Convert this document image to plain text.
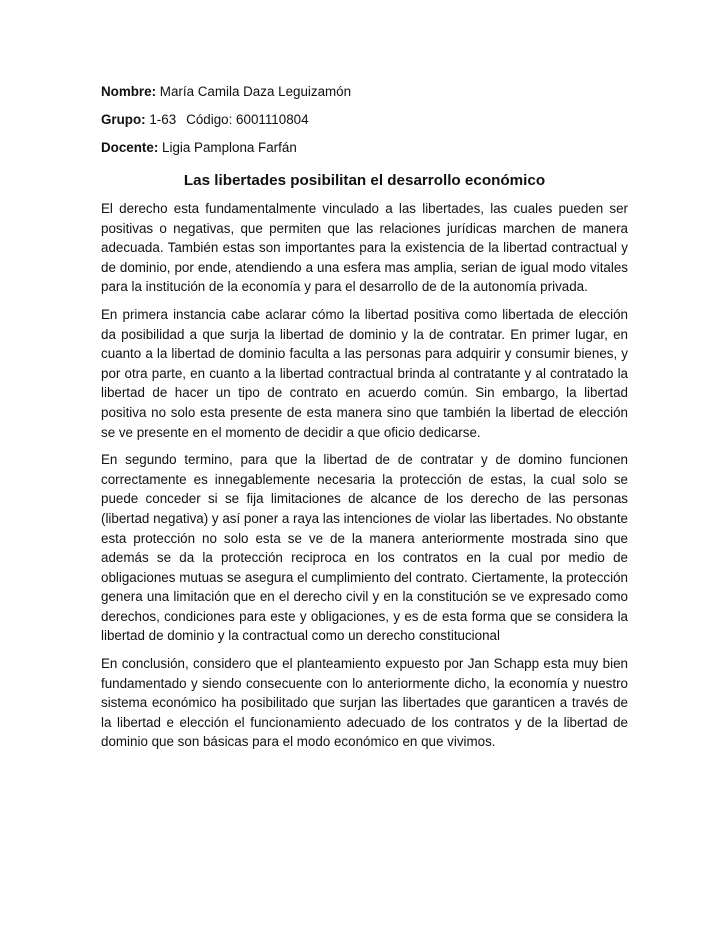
Nombre: María Camila Daza Leguizamón

Grupo: 1-63 Código: 6001110804

Docente: Ligia Pamplona Farfán

Las libertades posibilitan el desarrollo económico

El derecho esta fundamentalmente vinculado a las libertades, las cuales pueden ser positivas o negativas, que permiten que las relaciones jurídicas marchen de manera adecuada. También estas son importantes para la existencia de la libertad contractual y de dominio, por ende, atendiendo a una esfera mas amplia, serian de igual modo vitales para la institución de la economía y para el desarrollo de de la autonomía privada.

En primera instancia cabe aclarar cómo la libertad positiva como libertada de elección da posibilidad a que surja la libertad de dominio y la de contratar. En primer lugar, en cuanto a la libertad de dominio faculta a las personas para adquirir y consumir bienes, y por otra parte, en cuanto a la libertad contractual brinda al contratante y al contratado la libertad de hacer un tipo de contrato en acuerdo común. Sin embargo, la libertad positiva no solo esta presente de esta manera sino que también la libertad de elección se ve presente en el momento de decidir a que oficio dedicarse.

En segundo termino, para que la libertad de de contratar y de domino funcionen correctamente es innegablemente necesaria la protección de estas, la cual solo se puede conceder si se fija limitaciones de alcance de los derecho de las personas (libertad negativa) y así poner a raya las intenciones de violar las libertades. No obstante esta protección no solo esta se ve de la manera anteriormente mostrada sino que además se da la protección reciproca en los contratos en la cual por medio de obligaciones mutuas se asegura el cumplimiento del contrato. Ciertamente, la protección genera una limitación que en el derecho civil y en la constitución se ve expresado como derechos, condiciones para este y obligaciones, y es de esta forma que se considera la libertad de dominio y la contractual como un derecho constitucional

En conclusión, considero que el planteamiento expuesto por Jan Schapp esta muy bien fundamentado y siendo consecuente con lo anteriormente dicho, la economía y nuestro sistema económico ha posibilitado que surjan las libertades que garanticen a través de la libertad e elección el funcionamiento adecuado de los contratos y de la libertad de dominio que son básicas para el modo económico en que vivimos.
